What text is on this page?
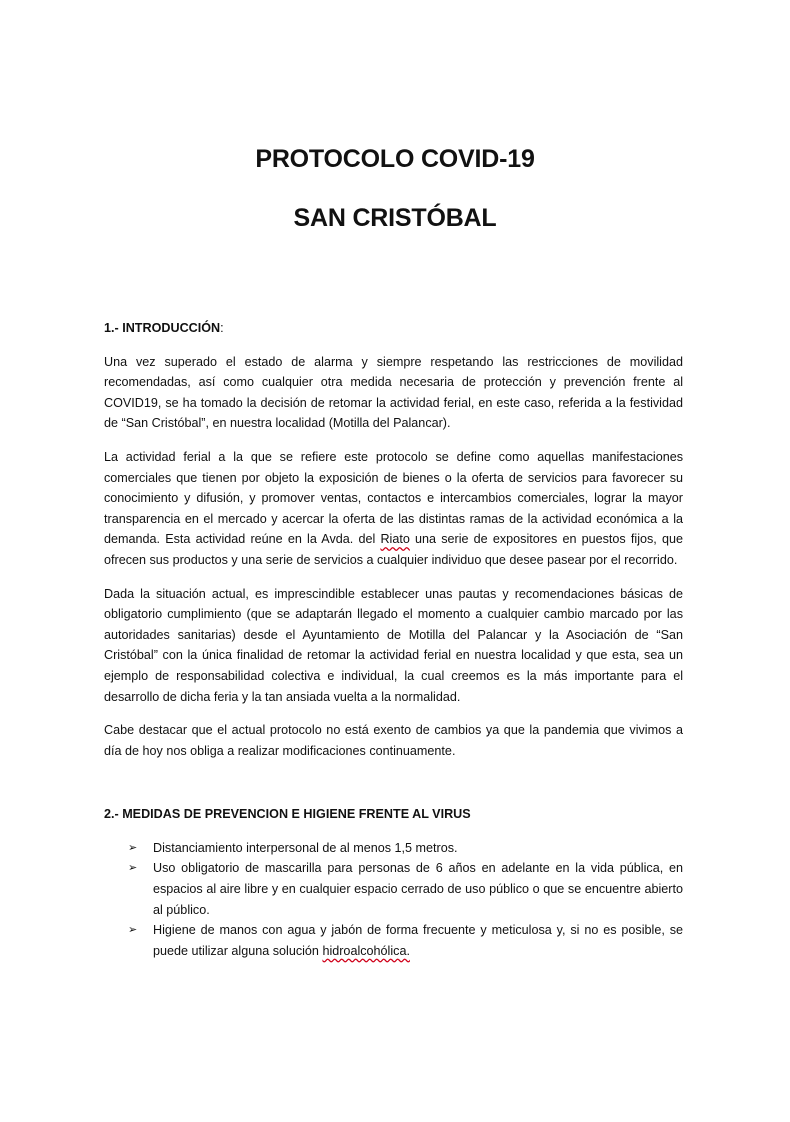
PROTOCOLO COVID-19
SAN CRISTÓBAL
1.- INTRODUCCIÓN:

Una vez superado el estado de alarma y siempre respetando las restricciones de movilidad recomendadas, así como cualquier otra medida necesaria de protección y prevención frente al COVID19, se ha tomado la decisión de retomar la actividad ferial, en este caso, referida a la festividad de “San Cristóbal”, en nuestra localidad (Motilla del Palancar).

La actividad ferial a la que se refiere este protocolo se define como aquellas manifestaciones comerciales que tienen por objeto la exposición de bienes o la oferta de servicios para favorecer su conocimiento y difusión, y promover ventas, contactos e intercambios comerciales, lograr la mayor transparencia en el mercado y acercar la oferta de las distintas ramas de la actividad económica a la demanda. Esta actividad reúne en la Avda. del Riato una serie de expositores en puestos fijos, que ofrecen sus productos y una serie de servicios a cualquier individuo que desee pasear por el recorrido.

Dada la situación actual, es imprescindible establecer unas pautas y recomendaciones básicas de obligatorio cumplimiento (que se adaptarán llegado el momento a cualquier cambio marcado por las autoridades sanitarias) desde el Ayuntamiento de Motilla del Palancar y la Asociación de “San Cristóbal” con la única finalidad de retomar la actividad ferial en nuestra localidad y que esta, sea un ejemplo de responsabilidad colectiva e individual, la cual creemos es la más importante para el desarrollo de dicha feria y la tan ansiada vuelta a la normalidad.

Cabe destacar que el actual protocolo no está exento de cambios ya que la pandemia que vivimos a día de hoy nos obliga a realizar modificaciones continuamente.

2.- MEDIDAS DE PREVENCION E HIGIENE FRENTE AL VIRUS
➢ Distanciamiento interpersonal de al menos 1,5 metros.
➢ Uso obligatorio de mascarilla para personas de 6 años en adelante en la vida pública, en espacios al aire libre y en cualquier espacio cerrado de uso público o que se encuentre abierto al público.
➢ Higiene de manos con agua y jabón de forma frecuente y meticulosa y, si no es posible, se puede utilizar alguna solución hidroalcohólica.
